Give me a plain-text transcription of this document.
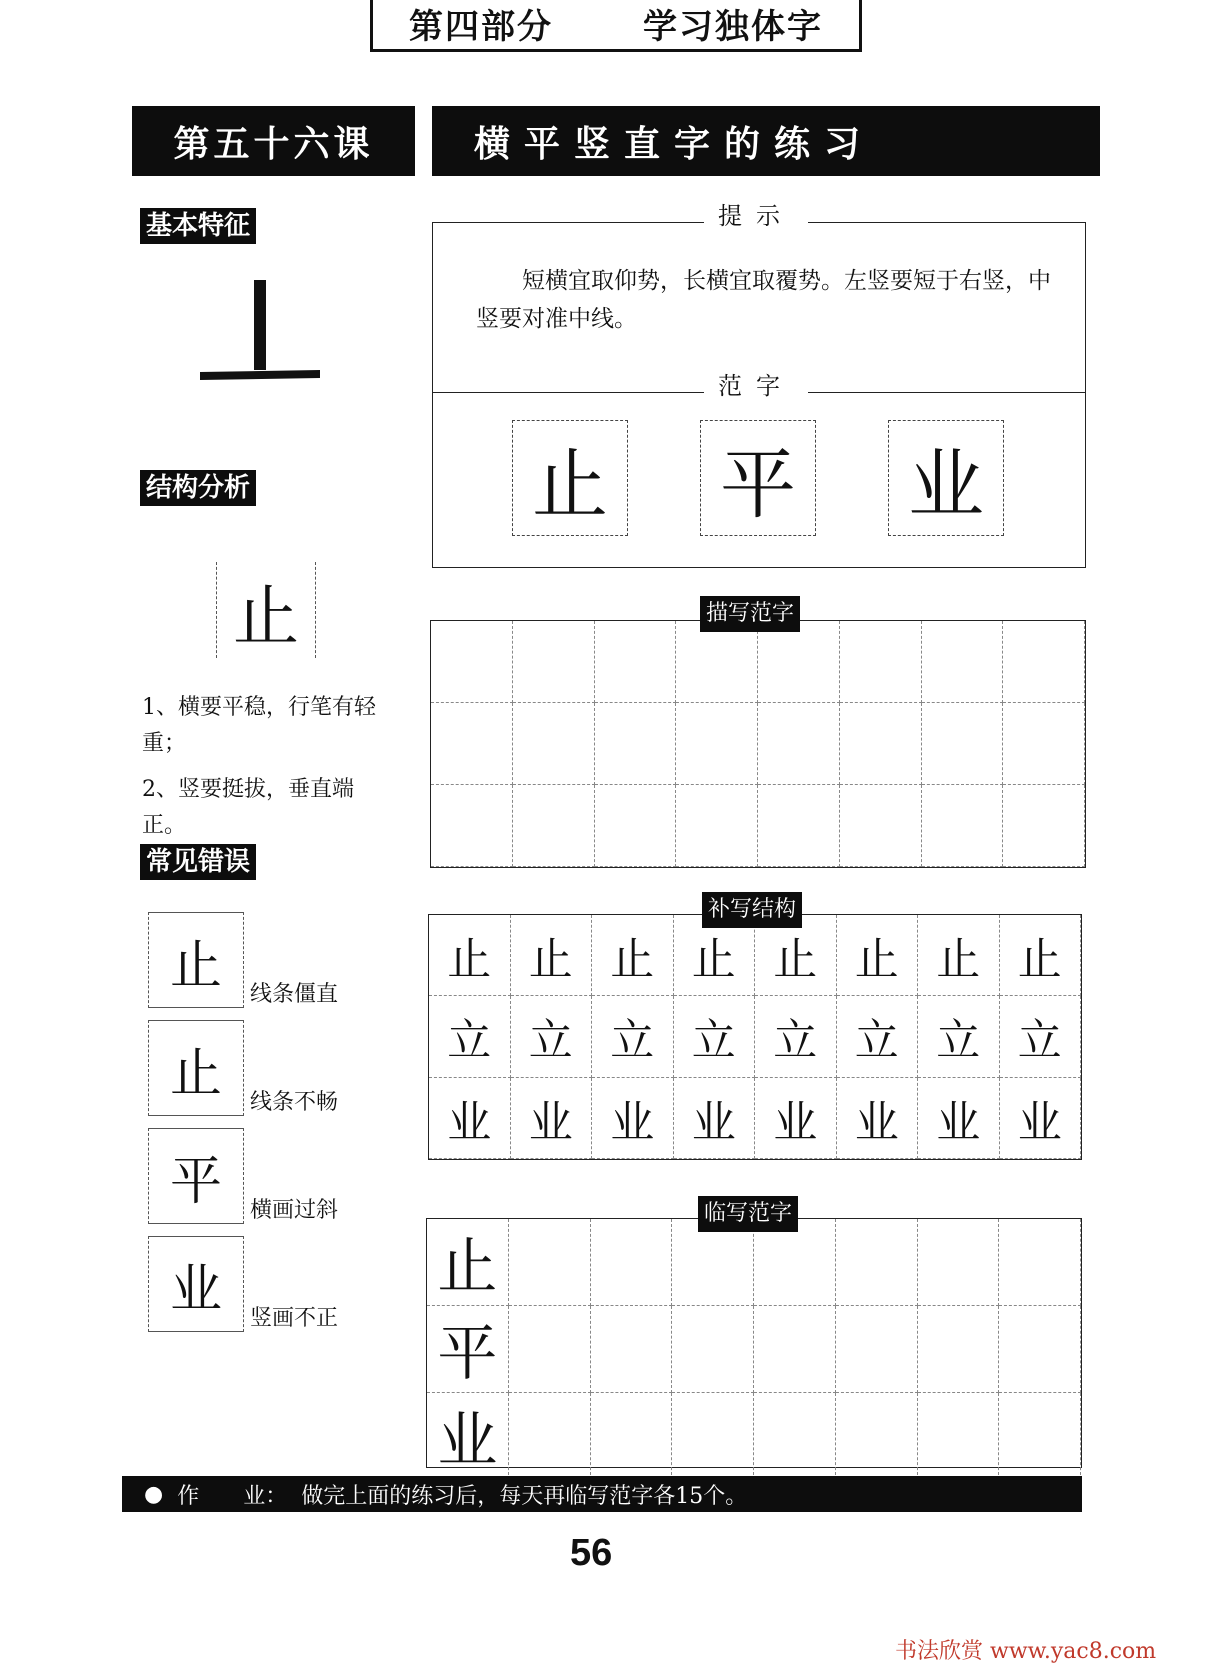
第四部分	学习独体字
第五十六课	横平竖直字的练习
基本特征
结构分析
止
1、横要平稳，行笔有轻重；
2、竖要挺拔，垂直端正。
常见错误
止	线条僵直
止	线条不畅
平	横画过斜
业	竖画不正
提示
短横宜取仰势，长横宜取覆势。左竖要短于右竖，中竖要对准中线。
范字
止 平 业
描写范字
止 止 止 止 止 止 止 止
立 立 立 立 立 立 立 立
业 业 业 业 业 业 业 业
补写结构
止
平
业
临写范字
● 作　　业： 做完上面的练习后，每天再临写范字各15个。
56
书法欣赏 www.yac8.com
